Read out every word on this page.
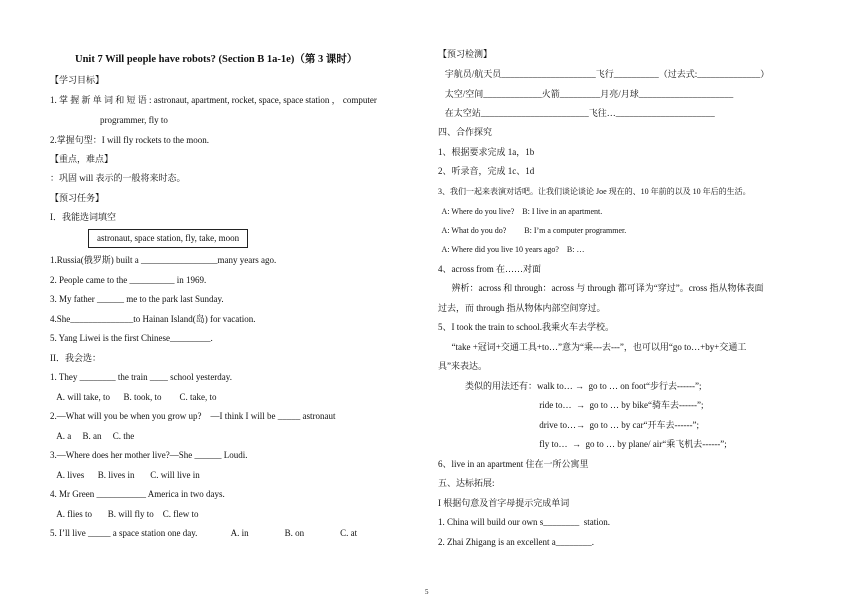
Unit 7 Will people have robots? (Section B 1a-1e)（第 3 课时）
【学习目标】
1. 掌 握 新 单 词 和 短 语 : astronaut, apartment, rocket, space, space station ， computer
programmer, fly to
2.掌握句型：I will fly rockets to the moon.
【重点，难点】
：巩固 will 表示的一般将来时态。
【预习任务】
I．我能选词填空
astronaut, space station, fly, take, moon
1.Russia(俄罗斯) built a _________________many years ago.
2. People came to the __________ in 1969.
3. My father ______ me to the park last Sunday.
4.She______________to Hainan Island(岛) for vacation.
5. Yang Liwei is the first Chinese_________.
II．我会选：
1. They ________ the train ____ school yesterday.
A. will take, to      B. took, to        C. take, to
2.—What will you be when you grow up?    —I think I will be _____ astronaut
A. a     B. an     C. the
3.—Where does her mother live?—She ______ Loudi.
A. lives      B. lives in       C. will live in
4. Mr Green ___________ America in two days.
A. flies to       B. will fly to    C. flew to
5. I’ll live _____ a space station one day.               A. in                B. on                C. at
【预习检测】
宇航员/航天员_____________________飞行__________（过去式:______________）
太空/空间_____________火箭_________月亮/月球_____________________
在太空站________________________飞往…______________________
四、合作探究
1、根据要求完成 1a，1b
2、听录音，完成 1c、1d
3、我们一起来表演对话吧。让我们谈论谈论 Joe 现在的、10 年前的以及 10 年后的生活。
A: Where do you live?    B: I live in an apartment.
A: What do you do?         B: I’m a computer programmer.
A: Where did you live 10 years ago?    B: …
4、across from 在……对面
辨析：across 和 through：across 与 through 都可译为“穿过”。cross 指从物体表面
过去，而 through 指从物体内部空间穿过。
5、I took the train to school.我乘火车去学校。
“take +冠词+交通工具+to…”意为“乘---去---”，也可以用“go to…+by+交通工
具”来表达。
类似的用法还有：walk to… →  go to … on foot“步行去------”;
ride to…  →  go to … by bike“骑车去------”;
drive to…→  go to … by car“开车去------”;
fly to…  →  go to … by plane/ air“乘飞机去------”;
6、live in an apartment 住在一所公寓里
五、达标拓展:
I 根据句意及首字母提示完成单词
1. China will build our own s________  station.
2. Zhai Zhigang is an excellent a________.
5
